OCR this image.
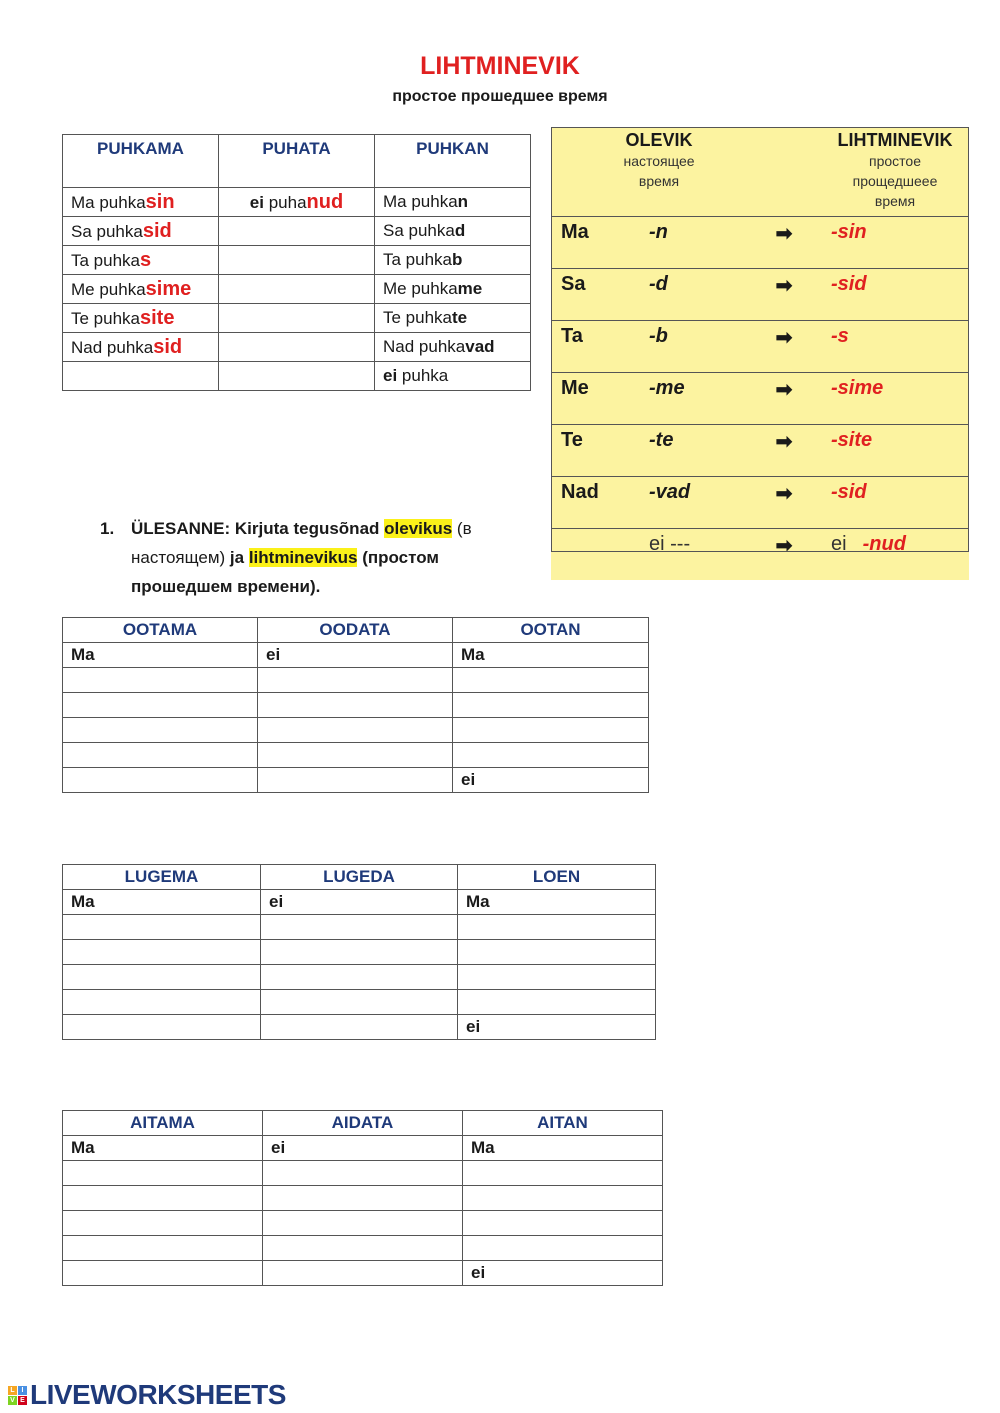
LIHTMINEVIK
простое прошедшее время
PUHKAMA	PUHATA	PUHKAN
Ma puhkasin	ei puhanud	Ma puhkan
Sa puhkasid		Sa puhkad
Ta puhkas		Ta puhkab
Me puhkasime		Me puhkame
Te puhkasite		Te puhkate
Nad puhkasid		Nad puhkavad
		ei puhka
OLEVIK
настоящее
время			LIHTMINEVIK
простое
прощедшеее
время

Ma	-n	➡	-sin
Sa	-d	➡	-sid
Ta	-b	➡	-s
Me	-me	➡	-sime
Te	-te	➡	-site
Nad	-vad	➡	-sid
	ei ---	➡	ei -nud
1. ÜLESANNE: Kirjuta tegusõnad olevikus (в настоящем) ja lihtminevikus (простом прошедшем времени).
OOTAMA	OODATA	OOTAN
Ma	ei	Ma

		ei
LUGEMA	LUGEDA	LOEN
Ma	ei	Ma

		ei
AITAMA	AIDATA	AITAN
Ma	ei	Ma

		ei
L I
V E LIVEWORKSHEETS
